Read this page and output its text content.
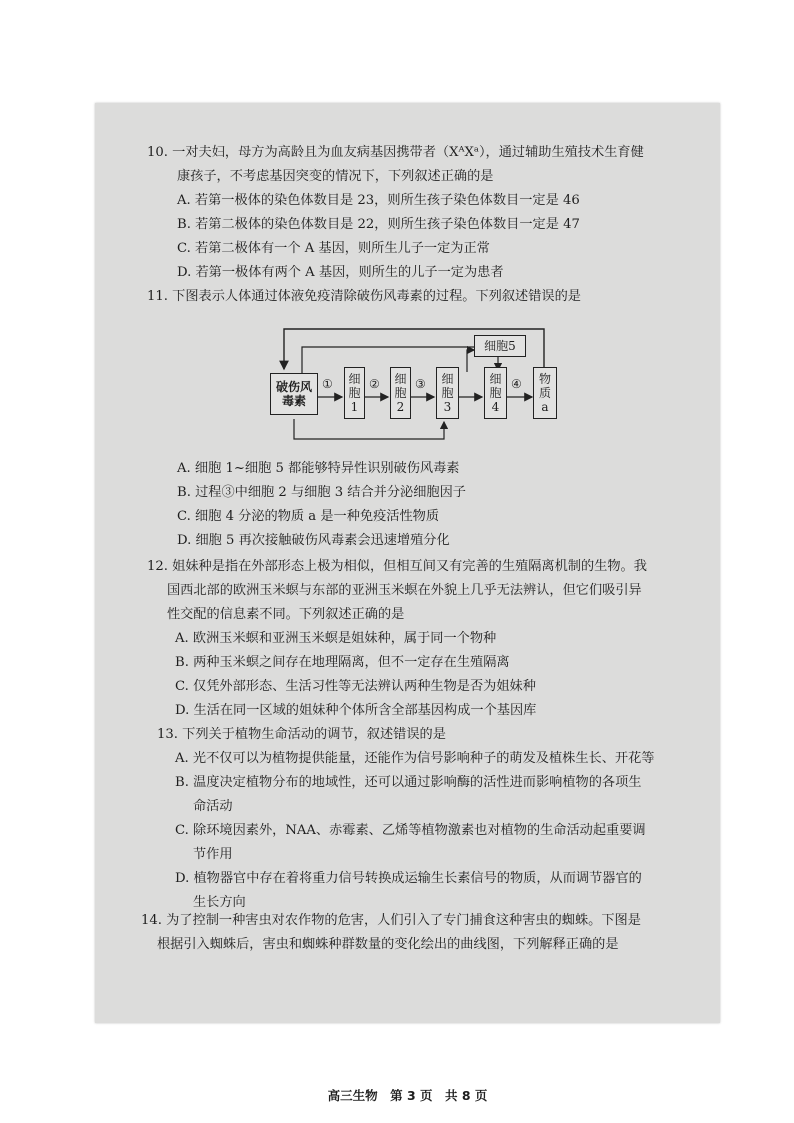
10. 一对夫妇，母方为高龄且为血友病基因携带者（XᴬXᵃ），通过辅助生殖技术生育健
康孩子，不考虑基因突变的情况下，下列叙述正确的是
A. 若第一极体的染色体数目是 23，则所生孩子染色体数目一定是 46
B. 若第二极体的染色体数目是 22，则所生孩子染色体数目一定是 47
C. 若第二极体有一个 A 基因，则所生儿子一定为正常
D. 若第一极体有两个 A 基因，则所生的儿子一定为患者
11. 下图表示人体通过体液免疫清除破伤风毒素的过程。下列叙述错误的是
A. 细胞 1~细胞 5 都能够特异性识别破伤风毒素
B. 过程③中细胞 2 与细胞 3 结合并分泌细胞因子
C. 细胞 4 分泌的物质 a 是一种免疫活性物质
D. 细胞 5 再次接触破伤风毒素会迅速增殖分化
12. 姐妹种是指在外部形态上极为相似，但相互间又有完善的生殖隔离机制的生物。我
国西北部的欧洲玉米螟与东部的亚洲玉米螟在外貌上几乎无法辨认，但它们吸引异
性交配的信息素不同。下列叙述正确的是
A. 欧洲玉米螟和亚洲玉米螟是姐妹种，属于同一个物种
B. 两种玉米螟之间存在地理隔离，但不一定存在生殖隔离
C. 仅凭外部形态、生活习性等无法辨认两种生物是否为姐妹种
D. 生活在同一区域的姐妹种个体所含全部基因构成一个基因库
13. 下列关于植物生命活动的调节，叙述错误的是
A. 光不仅可以为植物提供能量，还能作为信号影响种子的萌发及植株生长、开花等
B. 温度决定植物分布的地域性，还可以通过影响酶的活性进而影响植物的各项生
命活动
C. 除环境因素外，NAA、赤霉素、乙烯等植物激素也对植物的生命活动起重要调
节作用
D. 植物器官中存在着将重力信号转换成运输生长素信号的物质，从而调节器官的
生长方向
14. 为了控制一种害虫对农作物的危害，人们引入了专门捕食这种害虫的蜘蛛。下图是
根据引入蜘蛛后，害虫和蜘蛛种群数量的变化绘出的曲线图，下列解释正确的是
高三生物　第 3 页　共 8 页
破伤风毒素
① 细胞1
② 细胞2
③ 细胞3
细胞5
细胞4
④ 物质a
